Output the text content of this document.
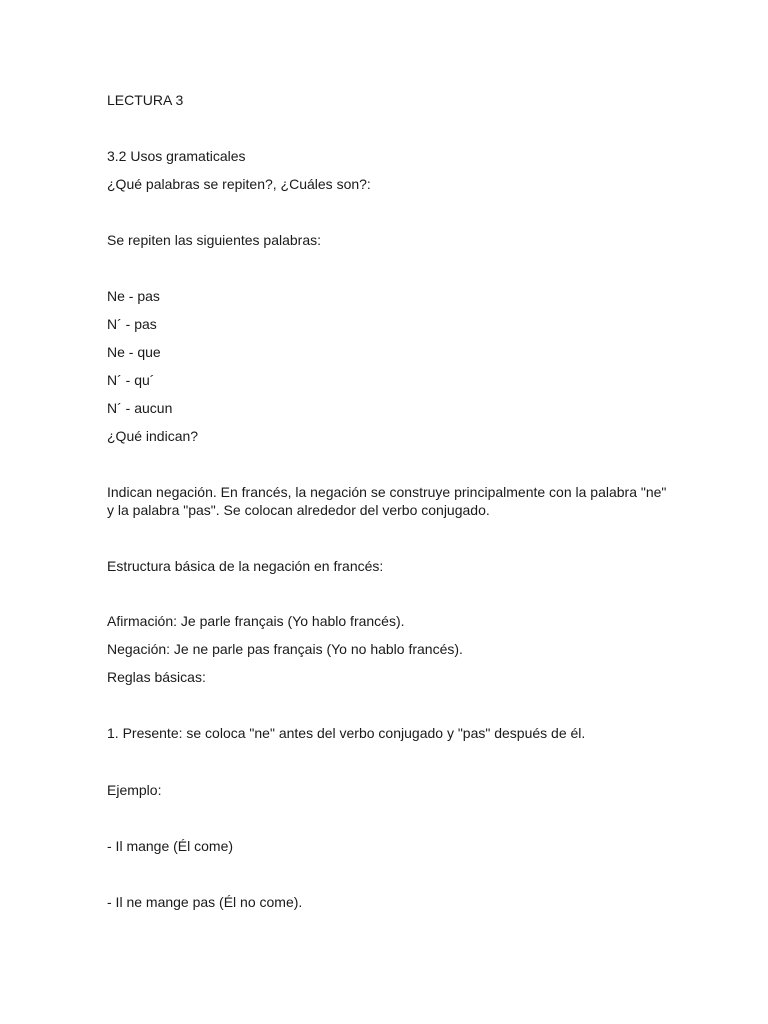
LECTURA 3
3.2 Usos gramaticales
¿Qué palabras se repiten?, ¿Cuáles son?:
Se repiten las siguientes palabras:
Ne - pas
N´ - pas
Ne - que
N´ - qu´
N´ - aucun
¿Qué indican?
Indican negación. En francés, la negación se construye principalmente con la palabra "ne"
y la palabra "pas". Se colocan alrededor del verbo conjugado.
Estructura básica de la negación en francés:
Afirmación: Je parle français (Yo hablo francés).
Negación: Je ne parle pas français (Yo no hablo francés).
Reglas básicas:
1. Presente: se coloca "ne" antes del verbo conjugado y "pas" después de él.
Ejemplo:
- Il mange (Él come)
- Il ne mange pas (Él no come).
